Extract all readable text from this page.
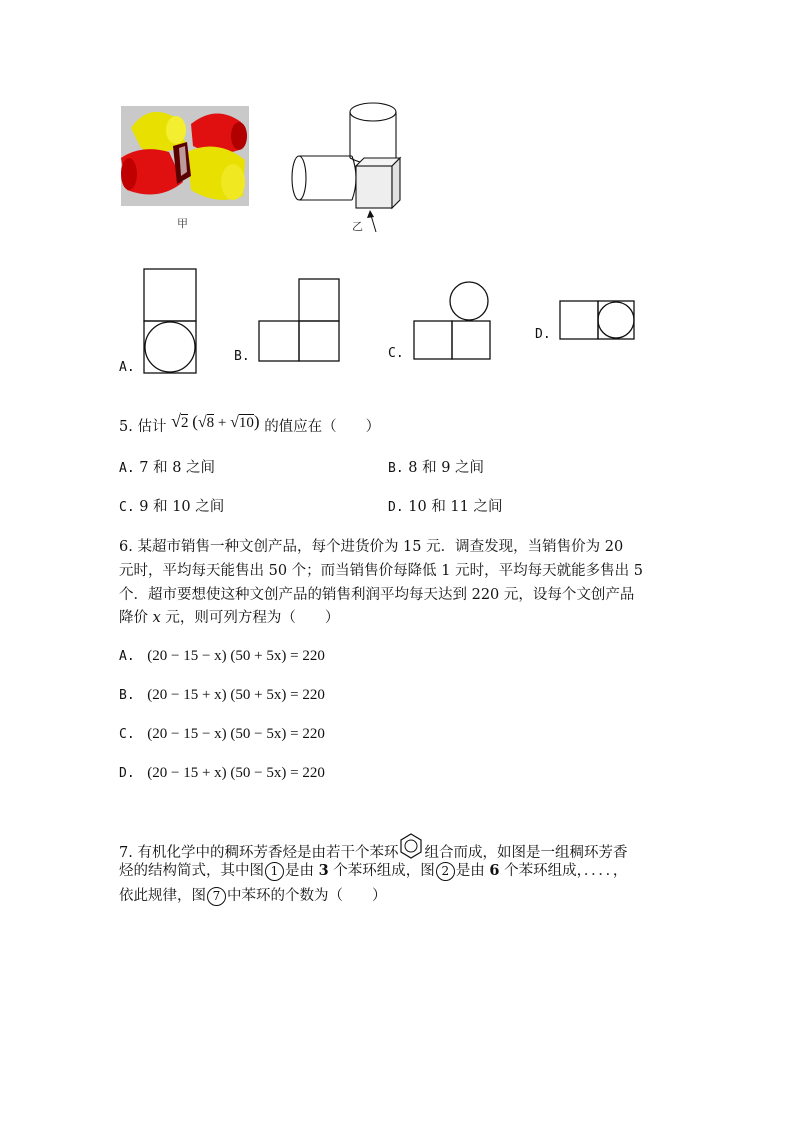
甲	乙
A.
B.	C.
D.
5. 估计 √2 (√8 + √10) 的值应在（　　）
A. 7 和 8 之间	B. 8 和 9 之间
C. 9 和 10 之间	D. 10 和 11 之间
6. 某超市销售一种文创产品，每个进货价为 15 元．调查发现，当销售价为 20
元时，平均每天能售出 50 个；而当销售价每降低 1 元时，平均每天就能多售出 5
个．超市要想使这种文创产品的销售利润平均每天达到 220 元，设每个文创产品
降价 x 元，则可列方程为（　　）
A. (20 − 15 − x) (50 + 5x) = 220
B. (20 − 15 + x) (50 + 5x) = 220
C. (20 − 15 − x) (50 − 5x) = 220
D. (20 − 15 + x) (50 − 5x) = 220
7. 有机化学中的稠环芳香烃是由若干个苯环 组合而成，如图是一组稠环芳香
烃的结构简式，其中图 1 是由 3 个苯环组成，图 2 是由 6 个苯环组成，．．．．，
依此规律，图 7 中苯环的个数为（　　）
